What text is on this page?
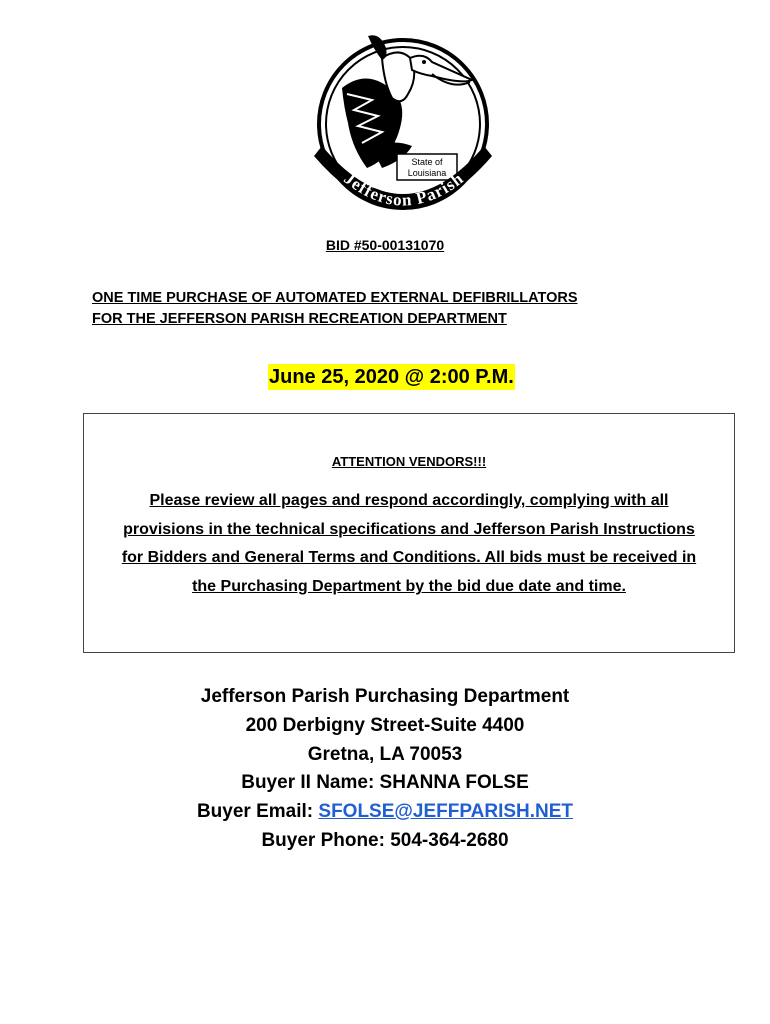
State of
Louisiana
Jefferson Parish
BID #50-00131070
ONE TIME PURCHASE OF AUTOMATED EXTERNAL DEFIBRILLATORS
FOR THE JEFFERSON PARISH RECREATION DEPARTMENT
June 25, 2020 @ 2:00 P.M.
ATTENTION VENDORS!!!
Please review all pages and respond accordingly, complying with all
provisions in the technical specifications and Jefferson Parish Instructions
for Bidders and General Terms and Conditions. All bids must be received in
the Purchasing Department by the bid due date and time.
Jefferson Parish Purchasing Department
200 Derbigny Street-Suite 4400
Gretna, LA 70053
Buyer II Name: SHANNA FOLSE
Buyer Email: SFOLSE@JEFFPARISH.NET
Buyer Phone: 504-364-2680
